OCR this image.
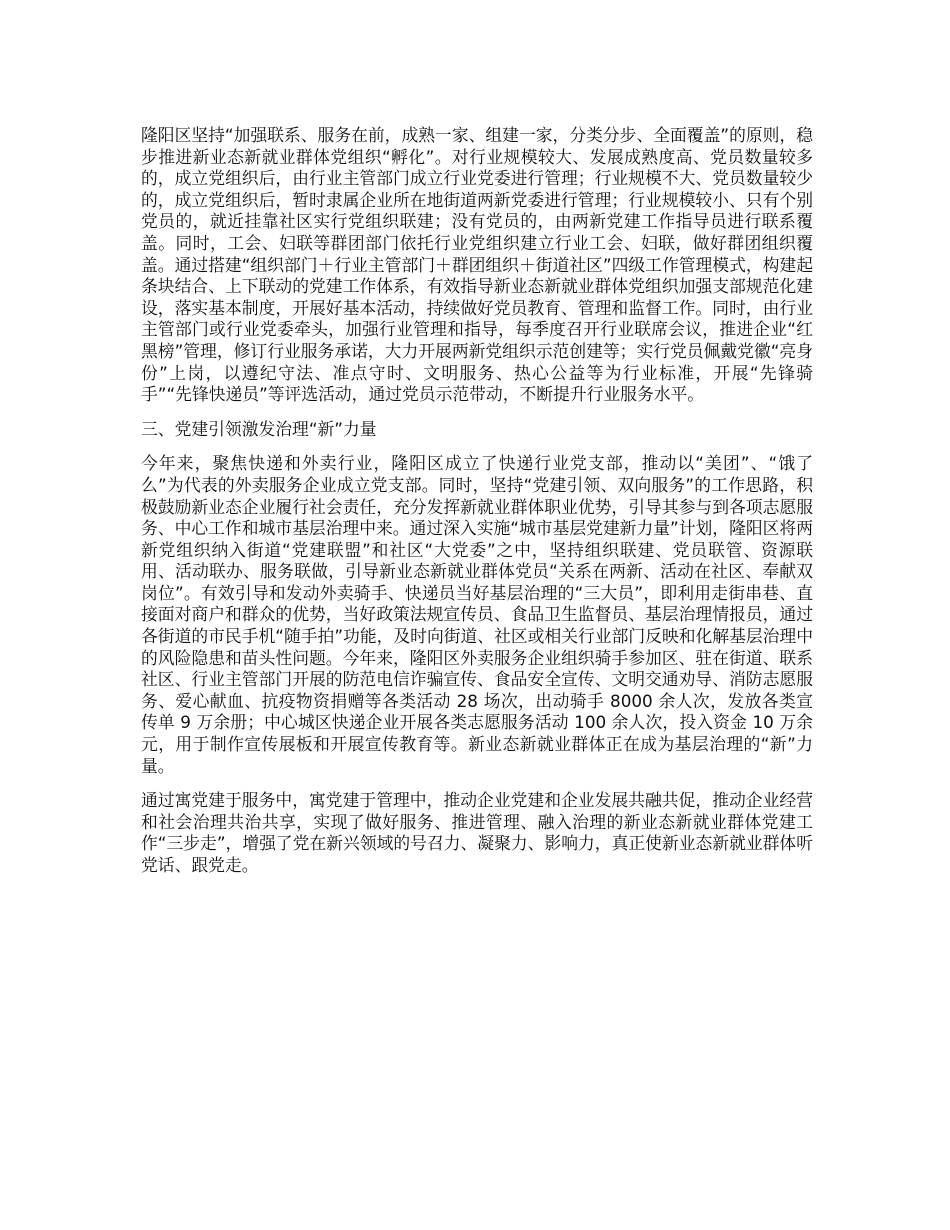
隆阳区坚持“加强联系、服务在前，成熟一家、组建一家，分类分步、全面覆盖”的原则，稳步推进新业态新就业群体党组织“孵化”。对行业规模较大、发展成熟度高、党员数量较多的，成立党组织后，由行业主管部门成立行业党委进行管理；行业规模不大、党员数量较少的，成立党组织后，暂时隶属企业所在地街道两新党委进行管理；行业规模较小、只有个别党员的，就近挂靠社区实行党组织联建；没有党员的，由两新党建工作指导员进行联系覆盖。同时，工会、妇联等群团部门依托行业党组织建立行业工会、妇联，做好群团组织覆盖。通过搭建“组织部门＋行业主管部门＋群团组织＋街道社区”四级工作管理模式，构建起条块结合、上下联动的党建工作体系，有效指导新业态新就业群体党组织加强支部规范化建设，落实基本制度，开展好基本活动，持续做好党员教育、管理和监督工作。同时，由行业主管部门或行业党委牵头，加强行业管理和指导，每季度召开行业联席会议，推进企业“红黑榜”管理，修订行业服务承诺，大力开展两新党组织示范创建等；实行党员佩戴党徽“亮身份”上岗，以遵纪守法、准点守时、文明服务、热心公益等为行业标准，开展“先锋骑手”“先锋快递员”等评选活动，通过党员示范带动，不断提升行业服务水平。

三、党建引领激发治理“新”力量

今年来，聚焦快递和外卖行业，隆阳区成立了快递行业党支部，推动以“美团”、“饿了么”为代表的外卖服务企业成立党支部。同时，坚持“党建引领、双向服务”的工作思路，积极鼓励新业态企业履行社会责任，充分发挥新就业群体职业优势，引导其参与到各项志愿服务、中心工作和城市基层治理中来。通过深入实施“城市基层党建新力量”计划，隆阳区将两新党组织纳入街道“党建联盟”和社区“大党委”之中，坚持组织联建、党员联管、资源联用、活动联办、服务联做，引导新业态新就业群体党员“关系在两新、活动在社区、奉献双岗位”。有效引导和发动外卖骑手、快递员当好基层治理的“三大员”，即利用走街串巷、直接面对商户和群众的优势，当好政策法规宣传员、食品卫生监督员、基层治理情报员，通过各街道的市民手机“随手拍”功能，及时向街道、社区或相关行业部门反映和化解基层治理中的风险隐患和苗头性问题。今年来，隆阳区外卖服务企业组织骑手参加区、驻在街道、联系社区、行业主管部门开展的防范电信诈骗宣传、食品安全宣传、文明交通劝导、消防志愿服务、爱心献血、抗疫物资捐赠等各类活动 28 场次，出动骑手 8000 余人次，发放各类宣传单 9 万余册；中心城区快递企业开展各类志愿服务活动 100 余人次，投入资金 10 万余元，用于制作宣传展板和开展宣传教育等。新业态新就业群体正在成为基层治理的“新”力量。

通过寓党建于服务中，寓党建于管理中，推动企业党建和企业发展共融共促，推动企业经营和社会治理共治共享，实现了做好服务、推进管理、融入治理的新业态新就业群体党建工作“三步走”，增强了党在新兴领域的号召力、凝聚力、影响力，真正使新业态新就业群体听党话、跟党走。
